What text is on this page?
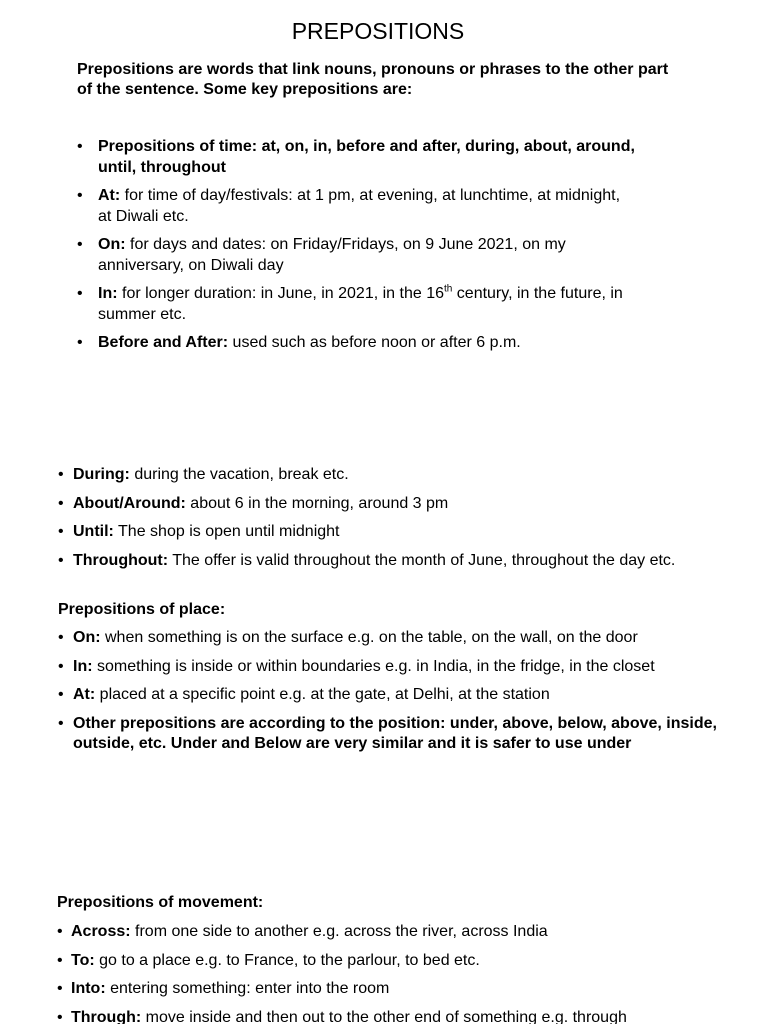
PREPOSITIONS
Prepositions are words that link nouns, pronouns or phrases to the other part of the sentence. Some key prepositions are:
• Prepositions of time: at, on, in, before and after, during, about, around, until, throughout
• At: for time of day/festivals: at 1 pm, at evening, at lunchtime, at midnight, at Diwali etc.
• On: for days and dates: on Friday/Fridays, on 9 June 2021, on my anniversary, on Diwali day
• In: for longer duration: in June, in 2021, in the 16th century, in the future, in summer etc.
• Before and After: used such as before noon or after 6 p.m.
• During: during the vacation, break etc.
• About/Around: about 6 in the morning, around 3 pm
• Until: The shop is open until midnight
• Throughout: The offer is valid throughout the month of June, throughout the day etc.
Prepositions of place:
• On: when something is on the surface e.g. on the table, on the wall, on the door
• In: something is inside or within boundaries e.g. in India, in the fridge, in the closet
• At: placed at a specific point e.g. at the gate, at Delhi, at the station
• Other prepositions are according to the position: under, above, below, above, inside, outside, etc. Under and Below are very similar and it is safer to use under
Prepositions of movement:
• Across: from one side to another e.g. across the river, across India
• To: go to a place e.g. to France, to the parlour, to bed etc.
• Into: entering something: enter into the room
• Through: move inside and then out to the other end of something e.g. through
